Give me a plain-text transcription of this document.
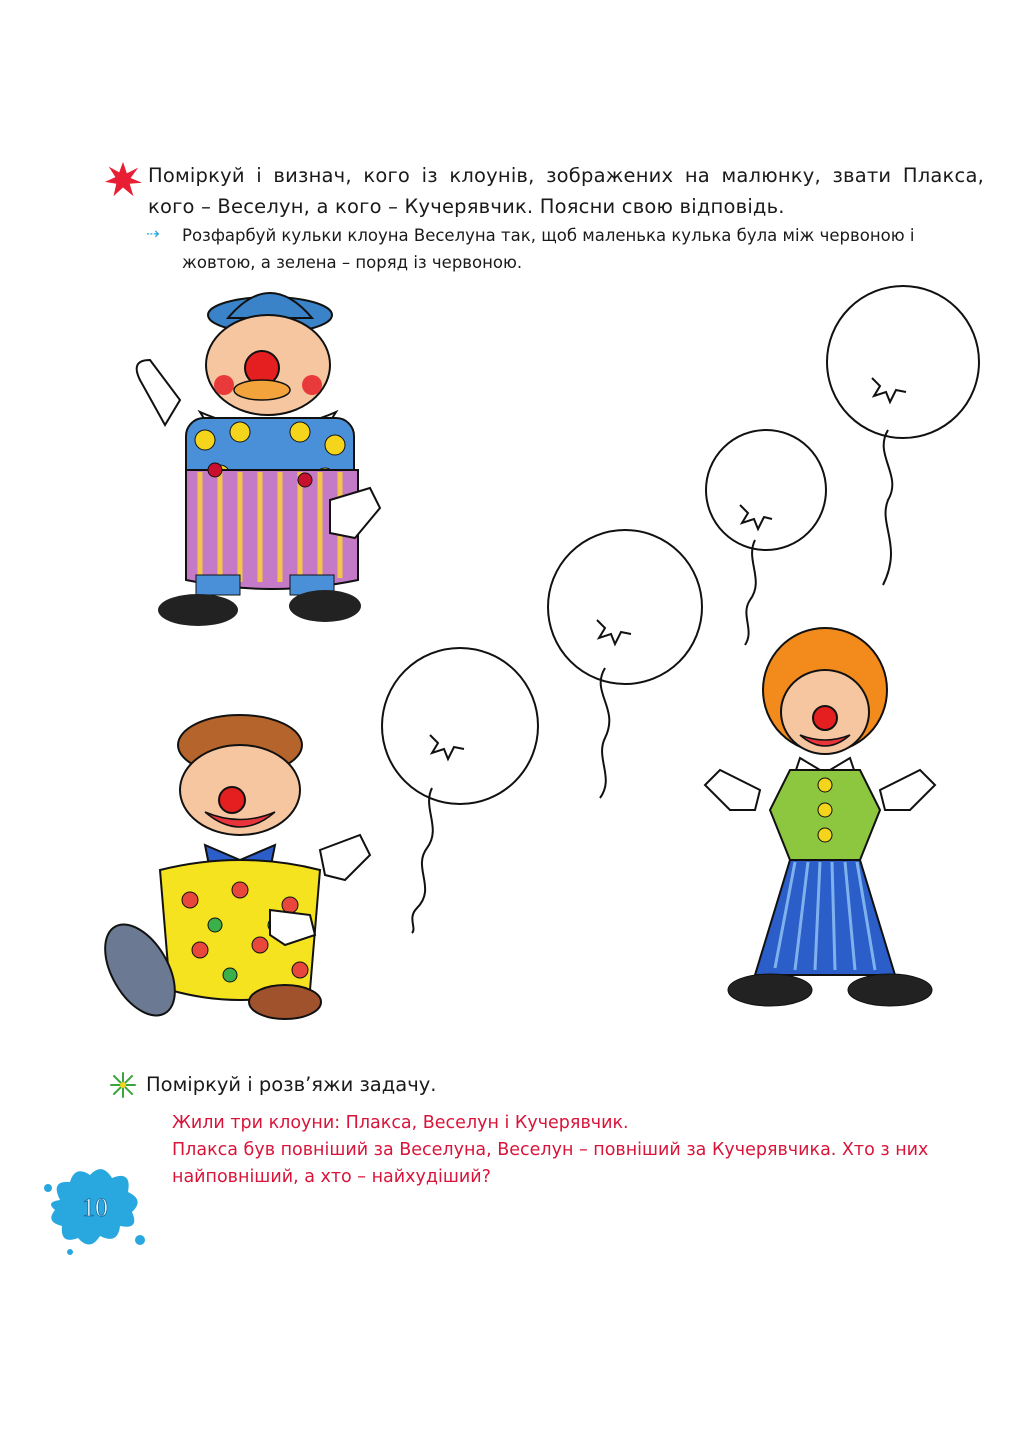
Поміркуй і визнач, кого із клоунів, зображених на малюнку, звати Плакса, кого – Веселун, а кого – Кучерявчик. Поясни свою відповідь.
⇢ Розфарбуй кульки клоуна Веселуна так, щоб маленька кулька була між червоною і жовтою, а зелена – поряд із червоною.
Поміркуй і розв’яжи задачу.
Жили три клоуни: Плакса, Веселун і Кучерявчик.
Плакса був повніший за Веселуна, Веселун – повніший за Кучерявчика. Хто з них найповніший, а хто – найхудіший?
10
